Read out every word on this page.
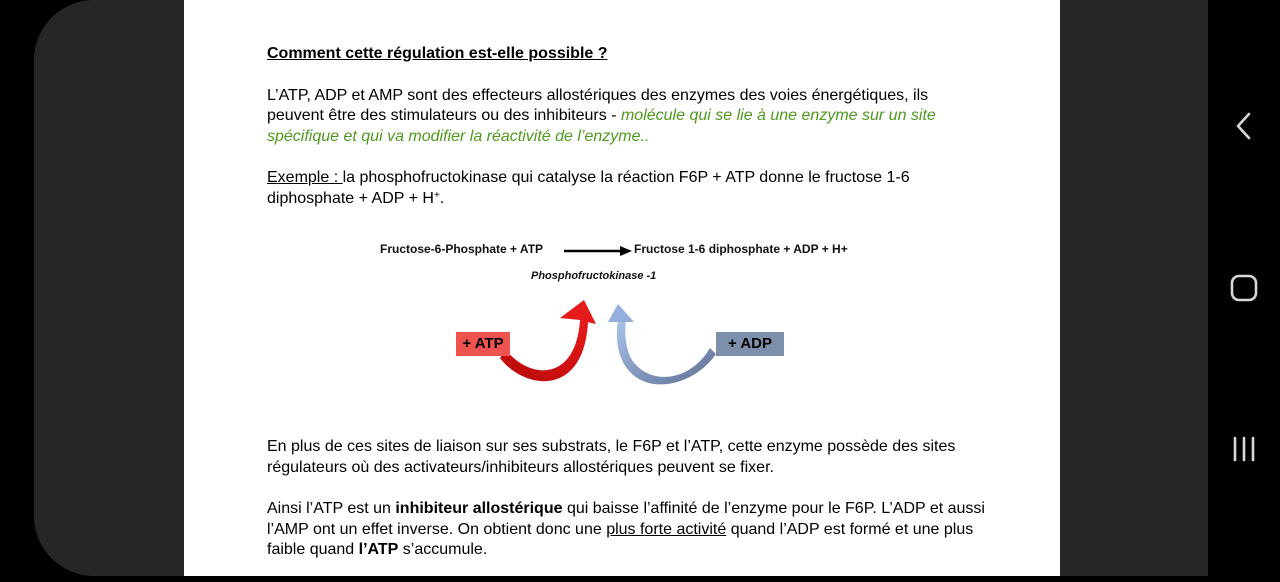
Comment cette régulation est-elle possible ?

L’ATP, ADP et AMP sont des effecteurs allostériques des enzymes des voies énergétiques, ils peuvent être des stimulateurs ou des inhibiteurs - molécule qui se lie à une enzyme sur un site spécifique et qui va modifier la réactivité de l’enzyme..

Exemple : la phosphofructokinase qui catalyse la réaction F6P + ATP donne le fructose 1-6 diphosphate + ADP + H+.

Fructose-6-Phosphate + ATP	Fructose 1-6 diphosphate + ADP + H+
Phosphofructokinase -1
+ ATP	+ ADP

En plus de ces sites de liaison sur ses substrats, le F6P et l’ATP, cette enzyme possède des sites régulateurs où des activateurs/inhibiteurs allostériques peuvent se fixer.

Ainsi l’ATP est un inhibiteur allostérique qui baisse l’affinité de l’enzyme pour le F6P. L’ADP et aussi l’AMP ont un effet inverse. On obtient donc une plus forte activité quand l’ADP est formé et une plus faible quand l’ATP s’accumule.
